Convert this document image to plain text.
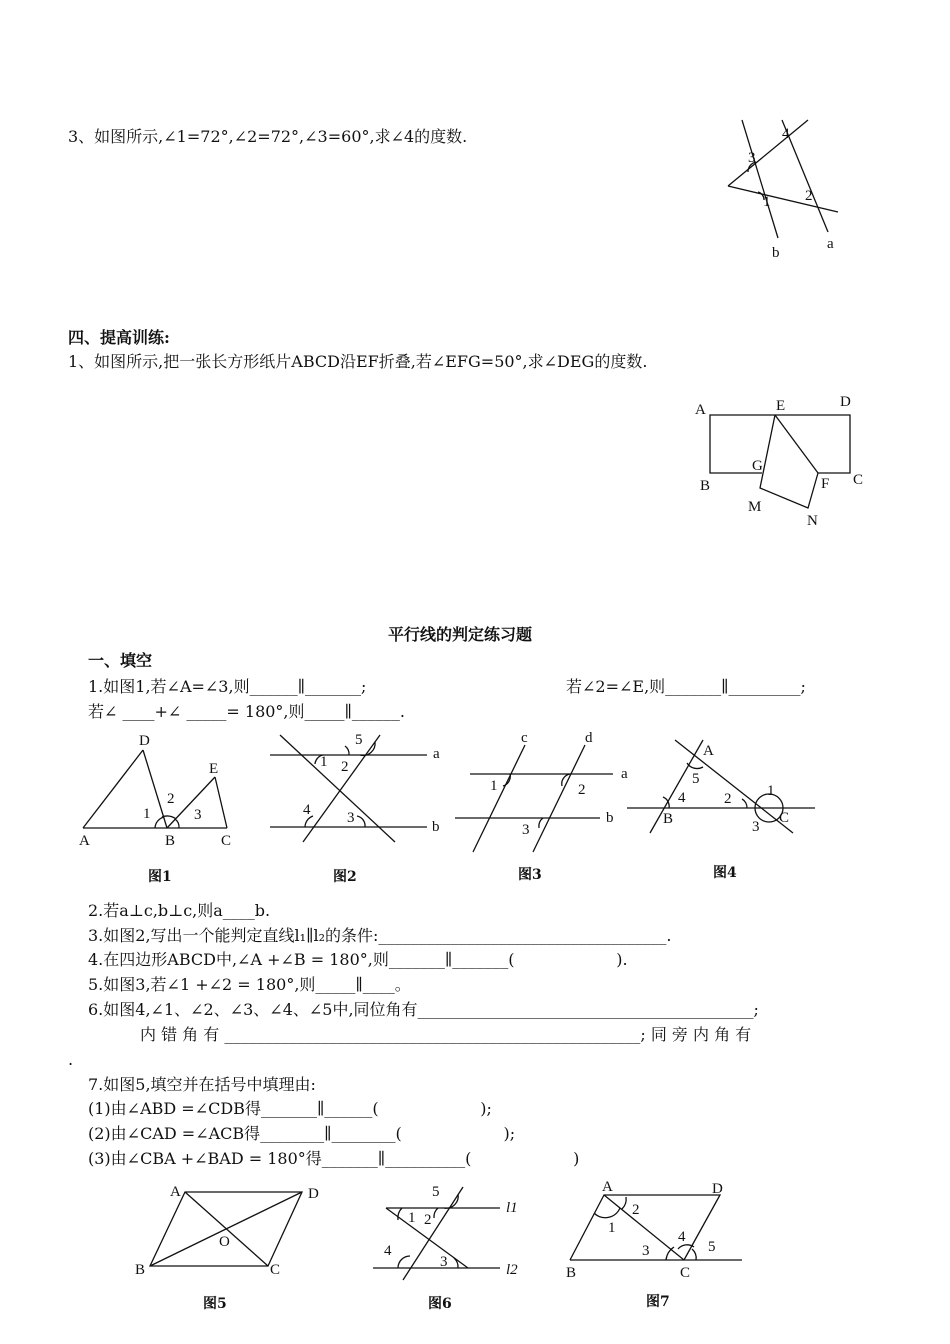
3、如图所示,∠1=72°,∠2=72°,∠3=60°,求∠4的度数.
四、提高训练:
1、如图所示,把一张长方形纸片ABCD沿EF折叠,若∠EFG=50°,求∠DEG的度数.
平行线的判定练习题
一、填空
1.如图1,若∠A=∠3,则______∥_______;	若∠2=∠E,则_______∥_________;
若∠ ____+∠ _____= 180°,则_____∥______.
2.若a⊥c,b⊥c,则a____b.
3.如图2,写出一个能判定直线l₁∥l₂的条件:____________________________________.
4.在四边形ABCD中,∠A +∠B = 180°,则_______∥_______(                    ).
5.如图3,若∠1 +∠2 = 180°,则_____∥____。
6.如图4,∠1、∠2、∠3、∠4、∠5中,同位角有__________________________________________;
内 错 角 有 ____________________________________________________; 同 旁 内 角 有
.
7.如图5,填空并在括号中填理由:
(1)由∠ABD =∠CDB得_______∥______(                    );
(2)由∠CAD =∠ACB得________∥________(                    );
(3)由∠CBA +∠BAD = 180°得_______∥__________(                    )
4
3
2
1
b
a
A	E	D
G
B	F C
M
N
D
E
2
1	3
A	B	C
图1
5
1 2
a
4 3
b
图2
c	d
a
1	2
b
3
图3
A
5
4	2 1
B	3
C
图4
A	D
O
B	C
图5
5
l1
1 2
4
3	l2
图6
A	D
2
1
4
3	5
B	C
图7
